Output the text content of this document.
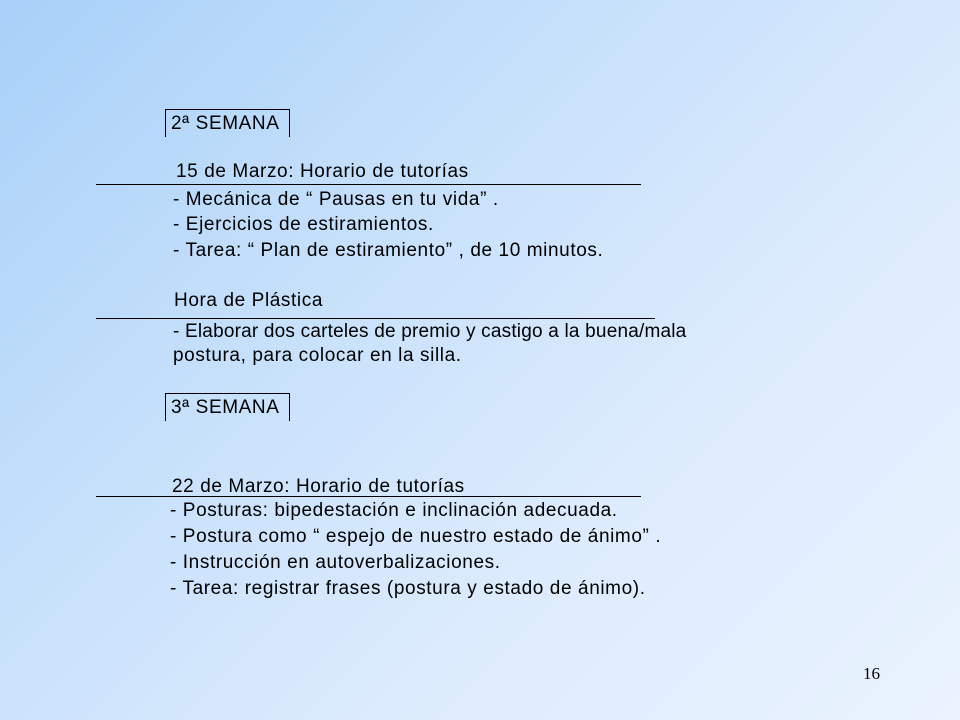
2ª SEMANA
15 de Marzo: Horario de tutorías
- Mecánica de “ Pausas en tu vida” .
- Ejercicios de estiramientos.
- Tarea: “ Plan de estiramiento” , de 10 minutos.
Hora de Plástica
- Elaborar dos carteles de premio y castigo a la buena/mala
postura, para colocar en la silla.
3ª SEMANA
22 de Marzo: Horario de tutorías
- Posturas: bipedestación e inclinación adecuada.
- Postura como “ espejo de nuestro estado de ánimo” .
- Instrucción en autoverbalizaciones.
- Tarea: registrar frases (postura y estado de ánimo).
16
